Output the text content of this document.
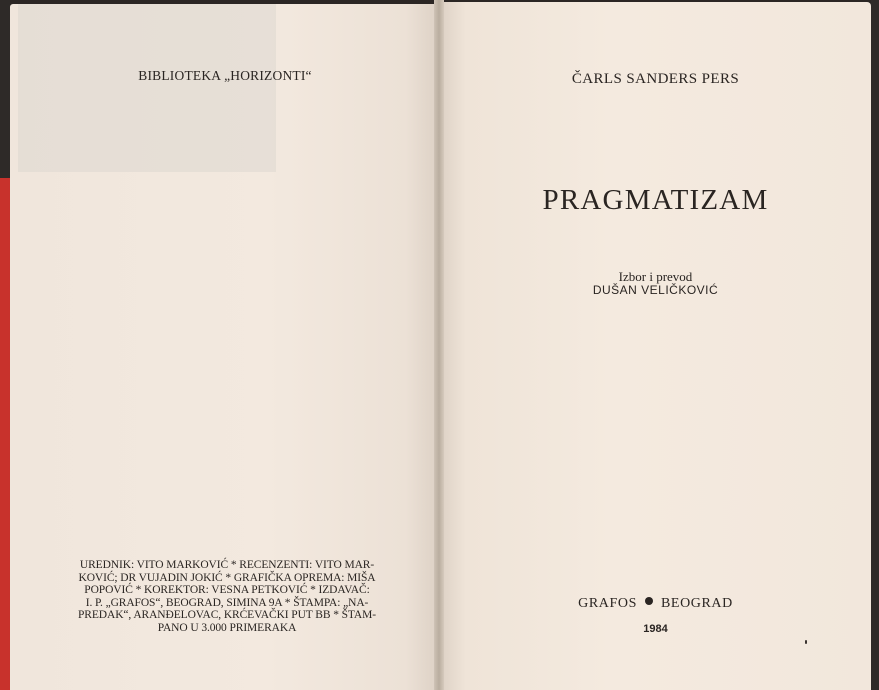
BIBLIOTEKA „HORIZONTI“
UREDNIK: VITO MARKOVIĆ * RECENZENTI: VITO MAR-
KOVIĆ; DR VUJADIN JOKIĆ * GRAFIČKA OPREMA: MIŠA
POPOVIĆ * KOREKTOR: VESNA PETKOVIĆ * IZDAVAČ:
I. P. „GRAFOS“, BEOGRAD, SIMINA 9A * ŠTAMPA: „NA-
PREDAK“, ARANĐELOVAC, KRĆEVAČKI PUT BB * ŠTAM-
PANO U 3.000 PRIMERAKA
ČARLS SANDERS PERS
PRAGMATIZAM
Izbor i prevod
DUŠAN VELIČKOVIĆ
GRAFOS BEOGRAD
1984
